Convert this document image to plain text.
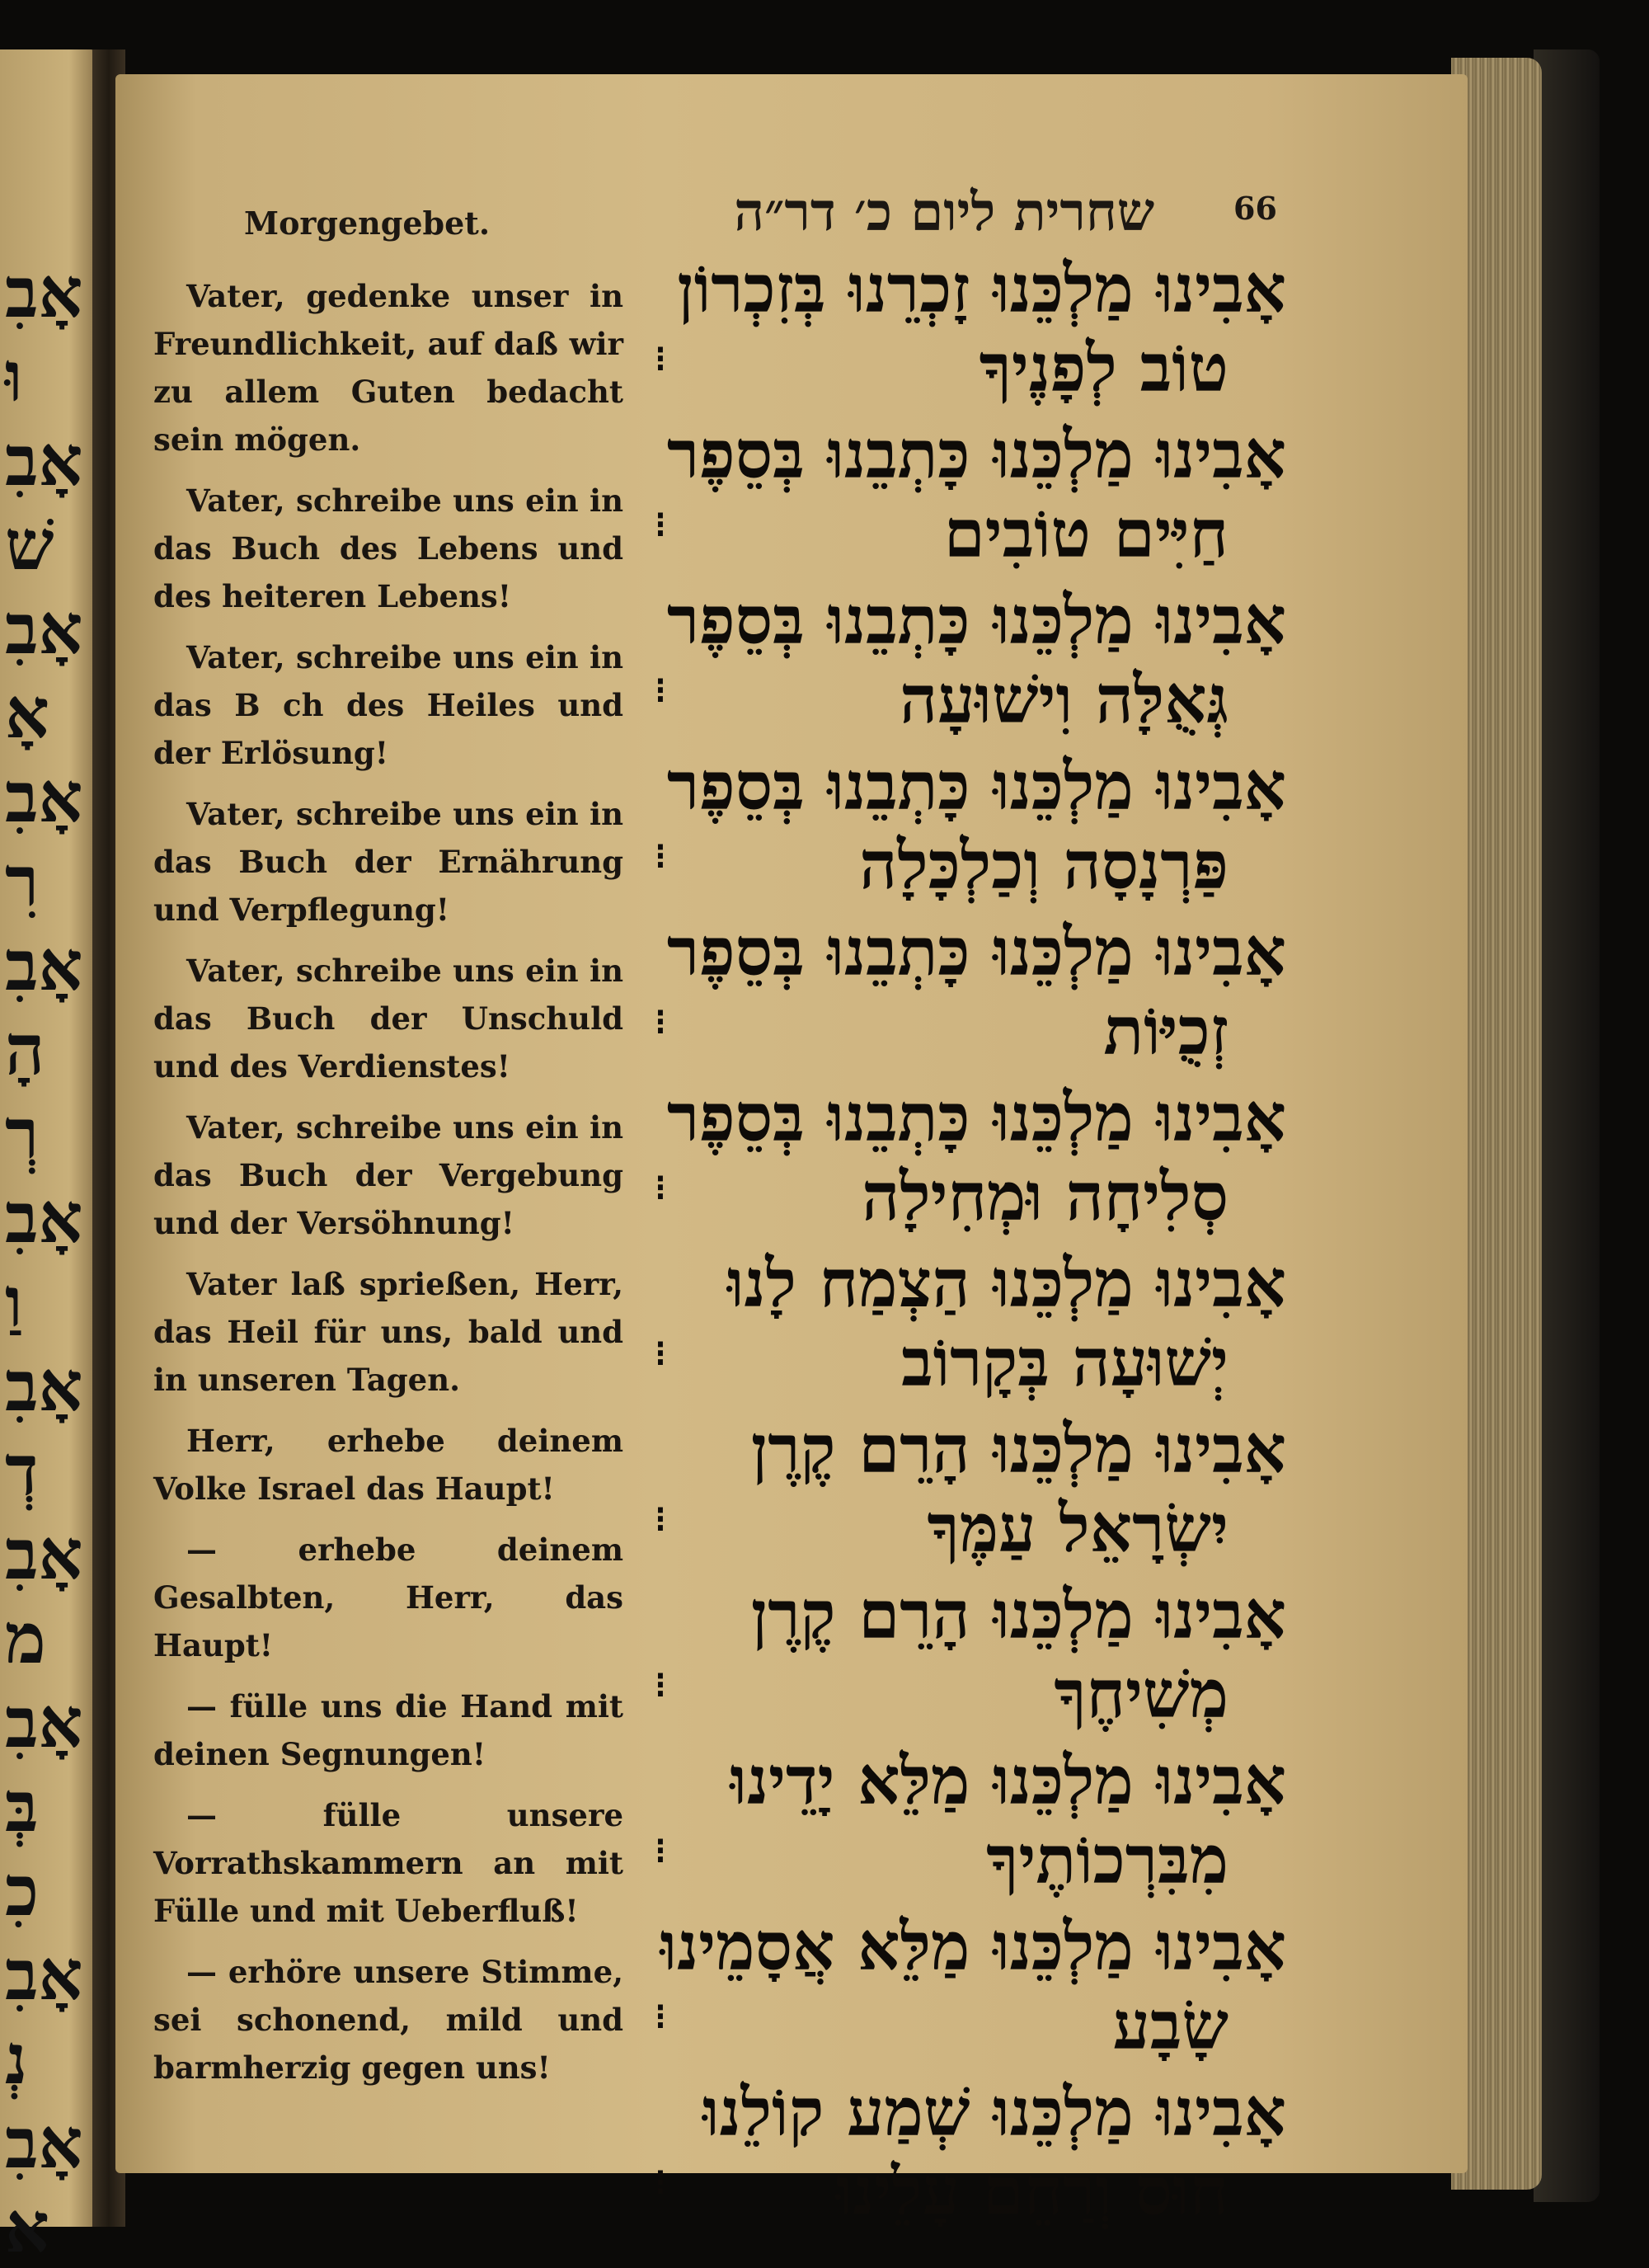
אָבִ
וּ
אָבִ
שׁ
אָבִ
אָ
אָבִ
רִ
אָבִ
הָ
רְ
אָבִ
וַ
אָבִ
דְ
אָבִ
מ
אָבִ
בְּ
כִ
אָבִ
נְ
אָבִ
א
Morgengebet.	שחרית ליום כ׳ דר״ה	66

Vater, gedenke unser in Freundlichkeit, auf daß wir zu allem Guten bedacht sein mögen.

Vater, schreibe uns ein in das Buch des Lebens und des heiteren Lebens!

Vater, schreibe uns ein in das B ch des Heiles und der Erlösung!

Vater, schreibe uns ein in das Buch der Ernährung und Verpflegung!

Vater, schreibe uns ein in das Buch der Unschuld und des Verdienstes!

Vater, schreibe uns ein in das Buch der Vergebung und der Versöhnung!

Vater laß sprießen, Herr, das Heil für uns, bald und in unseren Tagen.

Herr, erhebe deinem Volke Israel das Haupt!

— erhebe deinem Gesalbten, Herr, das Haupt!

— fülle uns die Hand mit deinen Segnungen!

— fülle unsere Vorrathskammern an mit Fülle und mit Ueberfluß!

— erhöre unsere Stimme, sei schonend, mild und barmherzig gegen uns!

אָבִינוּ מַלְכֵּנוּ זָכְרֵנוּ בְּזִכְרוֹן
טוֹב לְפָנֶיךָ
⁝
אָבִינוּ מַלְכֵּנוּ כָּתְבֵנוּ בְּסֵפֶר
חַיִּים טוֹבִים
⁝
אָבִינוּ מַלְכֵּנוּ כָּתְבֵנוּ בְּסֵפֶר
גְּאֻלָּה וִישׁוּעָה
⁝
אָבִינוּ מַלְכֵּנוּ כָּתְבֵנוּ בְּסֵפֶר
פַּרְנָסָה וְכַלְכָּלָה
⁝
אָבִינוּ מַלְכֵּנוּ כָּתְבֵנוּ בְּסֵפֶר
זְכֻיּוֹת
⁝
אָבִינוּ מַלְכֵּנוּ כָּתְבֵנוּ בְּסֵפֶר
סְלִיחָה וּמְחִילָה
⁝
אָבִינוּ מַלְכֵּנוּ הַצְמַח לָנוּ
יְשׁוּעָה בְּקָרוֹב
⁝
אָבִינוּ מַלְכֵּנוּ הָרֵם קֶרֶן
יִשְׂרָאֵל עַמֶּךָ
⁝
אָבִינוּ מַלְכֵּנוּ הָרֵם קֶרֶן
מְשִׁיחֶךָ
⁝
אָבִינוּ מַלְכֵּנוּ מַלֵּא יָדֵינוּ
מִבִּרְכוֹתֶיךָ
⁝
אָבִינוּ מַלְכֵּנוּ מַלֵּא אֲסָמֵינוּ
שָׂבָע
⁝
אָבִינוּ מַלְכֵּנוּ שְׁמַע קוֹלֵנוּ
חוּס וְרַחֵם עָלֵינוּ
⁝
